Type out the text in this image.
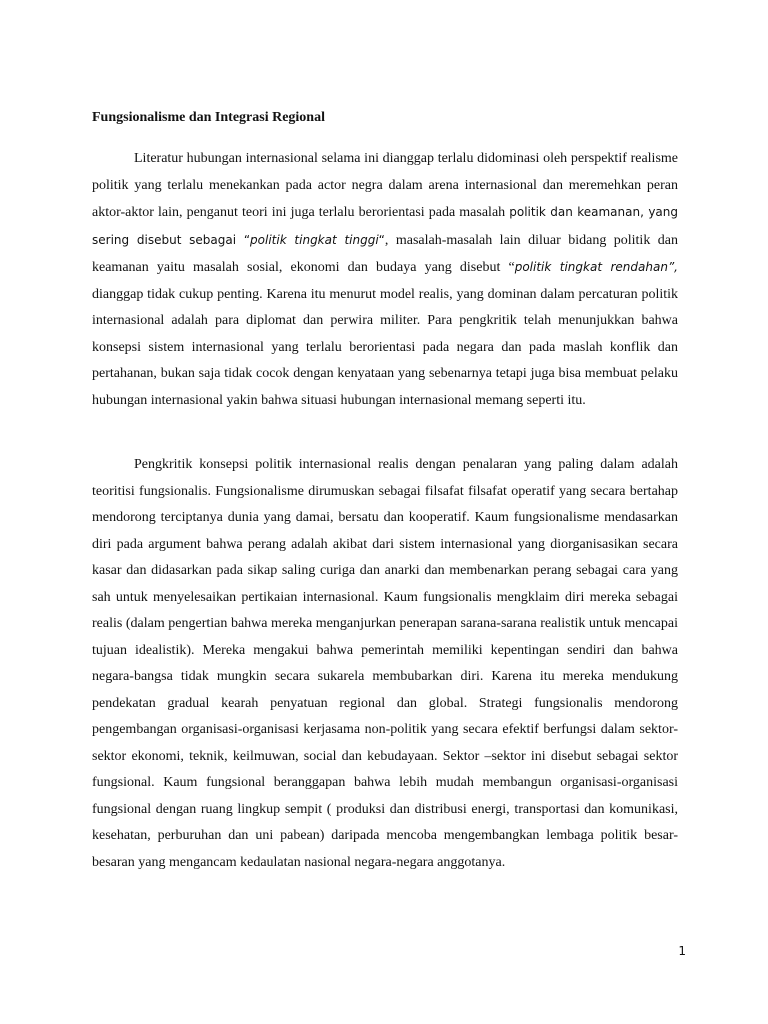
Fungsionalisme dan Integrasi Regional

Literatur hubungan internasional selama ini dianggap terlalu didominasi oleh perspektif realisme politik yang terlalu menekankan pada actor negra dalam arena internasional dan meremehkan peran aktor-aktor lain, penganut teori ini juga terlalu berorientasi pada masalah politik dan keamanan, yang sering disebut sebagai “politik tingkat tinggi“, masalah-masalah lain diluar bidang politik dan keamanan yaitu masalah sosial, ekonomi dan budaya yang disebut “politik tingkat rendahan”, dianggap tidak cukup penting. Karena itu menurut model realis, yang dominan dalam percaturan politik internasional adalah para diplomat dan perwira militer. Para pengkritik telah menunjukkan bahwa konsepsi sistem internasional yang terlalu berorientasi pada negara dan pada maslah konflik dan pertahanan, bukan saja tidak cocok dengan kenyataan yang sebenarnya tetapi juga bisa membuat pelaku hubungan internasional yakin bahwa situasi hubungan internasional memang seperti itu.

Pengkritik konsepsi politik internasional realis dengan penalaran yang paling dalam adalah teoritisi fungsionalis. Fungsionalisme dirumuskan sebagai filsafat filsafat operatif yang secara bertahap mendorong terciptanya dunia yang damai, bersatu dan kooperatif. Kaum fungsionalisme mendasarkan diri pada argument bahwa perang adalah akibat dari sistem internasional yang diorganisasikan secara kasar dan didasarkan pada sikap saling curiga dan anarki dan membenarkan perang sebagai cara yang sah untuk menyelesaikan pertikaian internasional. Kaum fungsionalis mengklaim diri mereka sebagai realis (dalam pengertian bahwa mereka menganjurkan penerapan sarana-sarana realistik untuk mencapai tujuan idealistik). Mereka mengakui bahwa pemerintah memiliki kepentingan sendiri dan bahwa negara-bangsa tidak mungkin secara sukarela membubarkan diri. Karena itu mereka mendukung pendekatan gradual kearah penyatuan regional dan global. Strategi fungsionalis mendorong pengembangan organisasi-organisasi kerjasama non-politik yang secara efektif berfungsi dalam sektor-sektor ekonomi, teknik, keilmuwan, social dan kebudayaan. Sektor –sektor ini disebut sebagai sektor fungsional. Kaum fungsional beranggapan bahwa lebih mudah membangun organisasi-organisasi fungsional dengan ruang lingkup sempit ( produksi dan distribusi energi, transportasi dan komunikasi, kesehatan, perburuhan dan uni pabean) daripada mencoba mengembangkan lembaga politik besar-besaran yang mengancam kedaulatan nasional negara-negara anggotanya.

1
